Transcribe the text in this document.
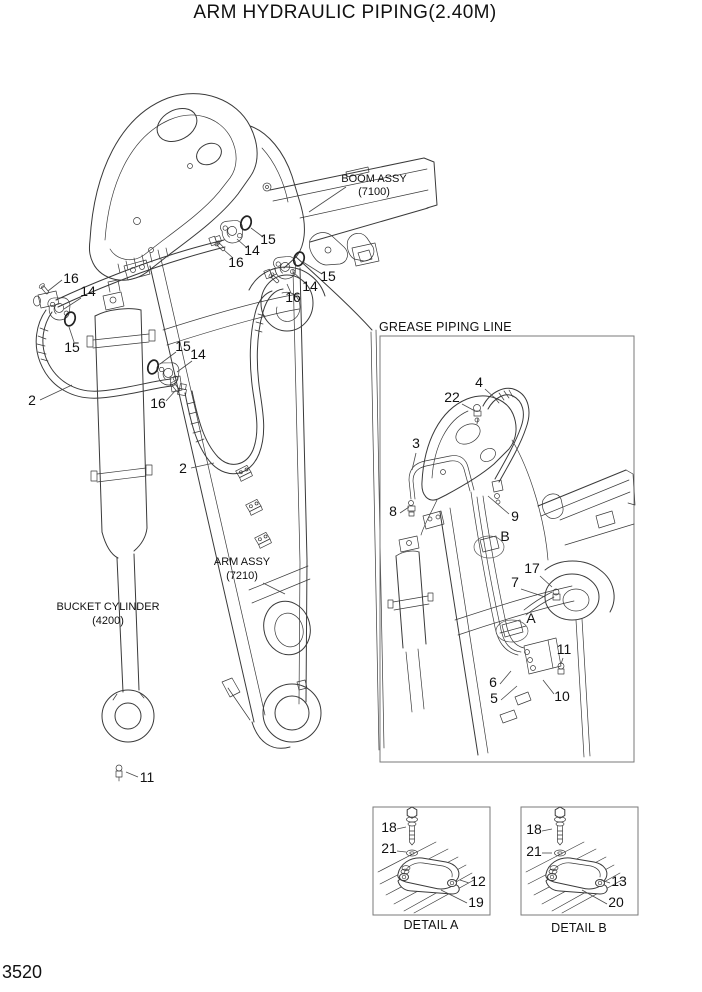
ARM HYDRAULIC PIPING(2.40M)
3520
BOOM ASSY
(7100)
ARM ASSY
(7210)
BUCKET CYLINDER
(4200)
16
14
15
2
15 14
16
2
15
14
16
15
14
16
11
GREASE PIPING LINE
4
22
3
8	9
B
17
7
A
11
6
5	10
DETAIL A
18
21
12
19
DETAIL B
18
21
13
20
